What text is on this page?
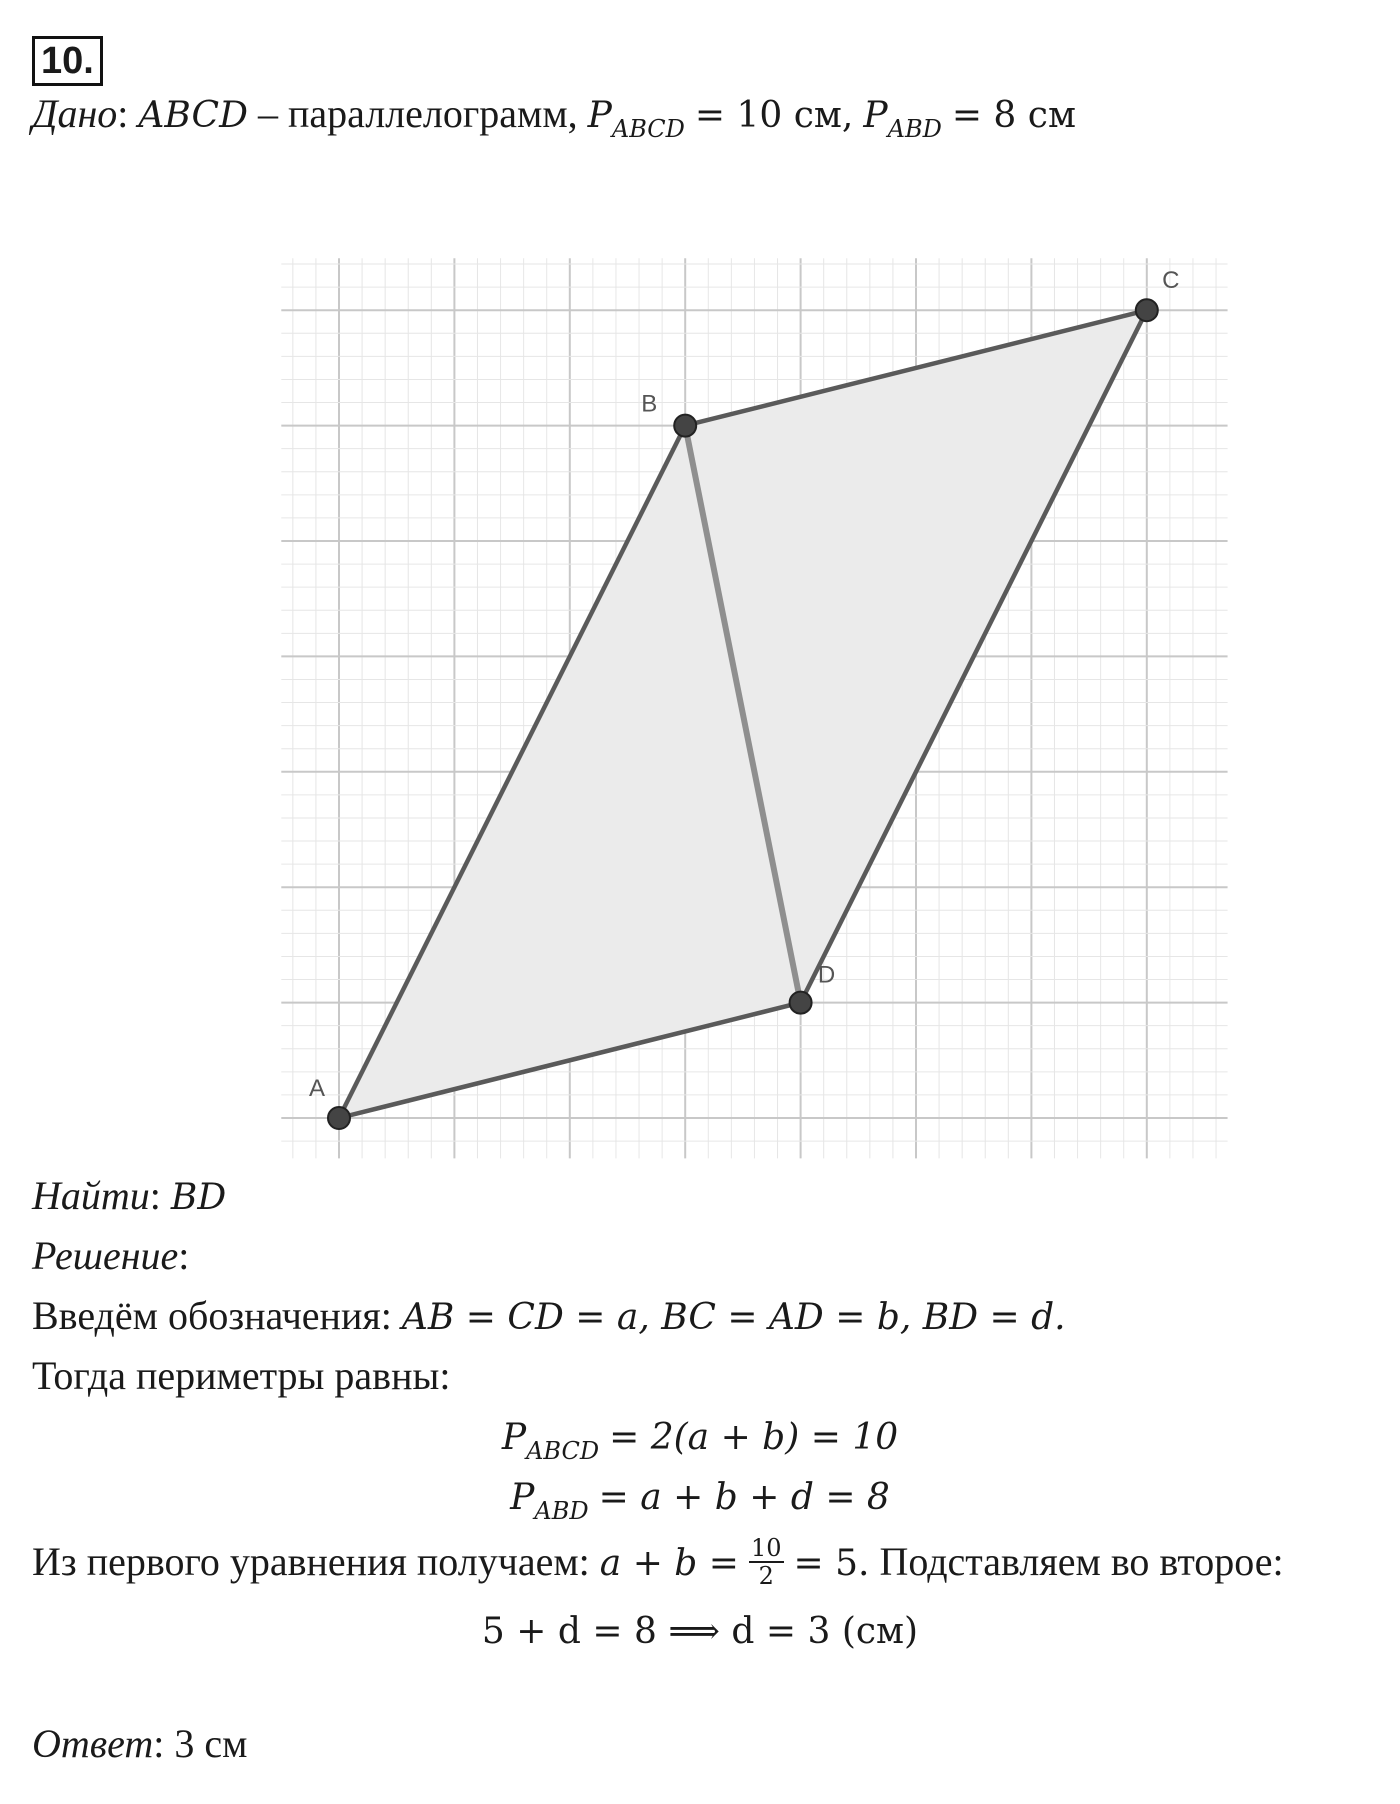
10.
Дано: ABCD – параллелограмм, $P_{ABCD} = 10$ см, $P_{ABD} = 8$ см
A
B
C
D
Найти: BD
Решение:
Введём обозначения: AB = CD = a, BC = AD = b, BD = d.
Тогда периметры равны:
$P_{ABCD} = 2(a + b) = 10$
$P_{ABD} = a + b + d = 8$
Из первого уравнения получаем: $a + b = \frac{10}{2} = 5$. Подставляем во второе:
5 + d = 8 ⟹ d = 3 (см)
Ответ: 3 см
